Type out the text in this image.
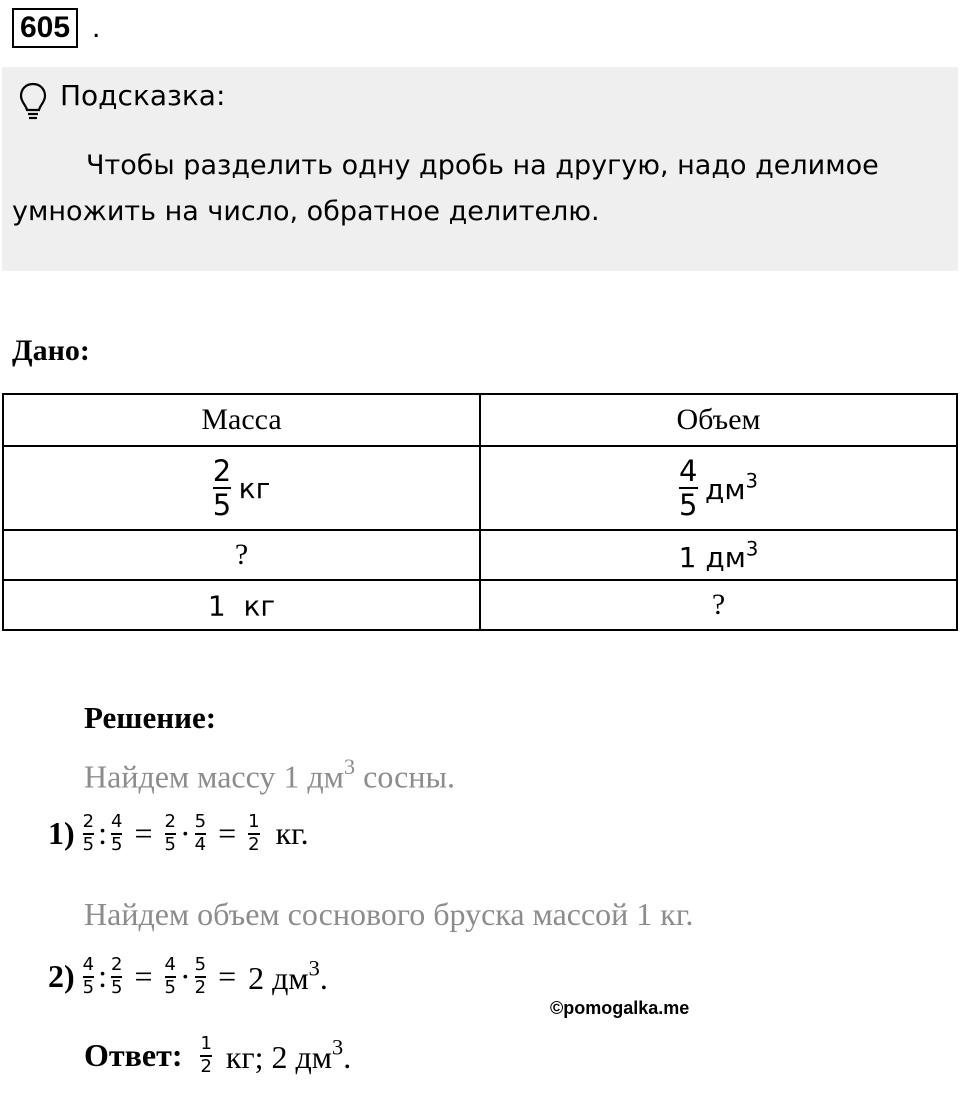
605 .
Подсказка:
Чтобы разделить одну дробь на другую, надо делимое умножить на число, обратное делителю.
Дано:
Масса	Объем

$\frac{2}{5}$ кг	$\frac{4}{5} дм^3$
?	1 $дм^3$
1 кг	?
Решение:
Найдем массу 1 $дм^3$ сосны.
$1) \frac{2}{5}$ : $\frac{4}{5} = \frac{2}{5} \cdot \frac{5}{4} = \frac{1}{2}$ кг.
Найдем объем соснового бруска массой 1 кг.
$2) \frac{4}{5}$ : $\frac{2}{5} = \frac{4}{5} \cdot \frac{5}{2} = 2$ $дм^3$.
©pomogalka.me
Ответ: $\frac{1}{2}$ кг; 2 $дм^3$.
